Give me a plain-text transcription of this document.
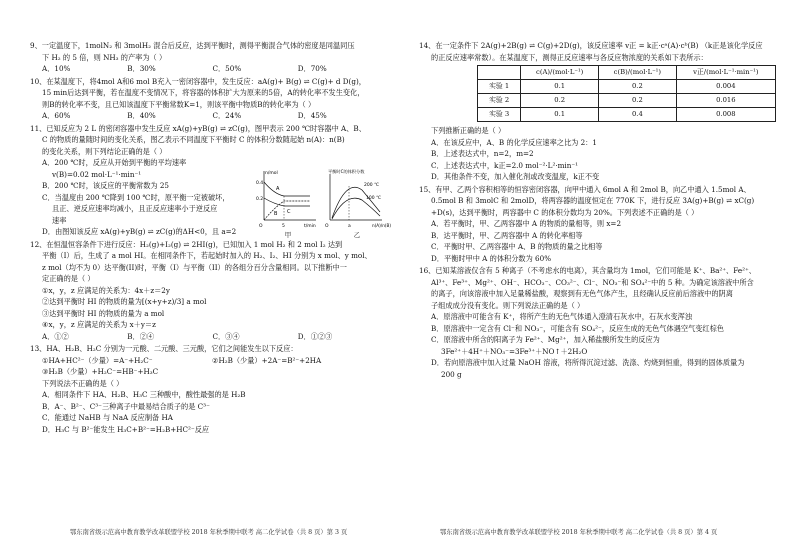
9、一定温度下，1molN₂ 和 3molH₂ 混合后反应，达到平衡时，测得平衡混合气体的密度是同温同压
下 H₂ 的 5 倍，则 NH₃ 的产率为（ ）
A．10%	B．30%	C．50%	D．70%
10、在某温度下，将4mol A和6 mol B充入一密闭容器中，发生反应：aA(g)+ B(g) ⇌ C(g)+ d D(g)，
15 min后达到平衡，若在温度不变情况下，将容器的体积扩大为原来的5倍，A的转化率不发生变化，
则B的转化率不变，且已知该温度下平衡常数K=1，则该平衡中物质B的转化率为（ ）
A．60%	B．40%	C．24%	D．45%
11、已知反应为 2 L 的密闭容器中发生反应 xA(g)+yB(g) ⇌ zC(g)，图甲表示 200 ℃时容器中 A、B、
C 的物质的量随时间的变化关系，图乙表示不同温度下平衡时 C 的体积分数随起始 n(A)：n(B)
的变化关系，则下列结论正确的是（ ）
A．200 ℃时，反应从开始到平衡的平均速率
v(B)=0.02 mol·L⁻¹·min⁻¹
B．200 ℃时，该反应的平衡常数为 25
C．当温度由 200 ℃降到 100 ℃时，原平衡一定被破坏，
且正、逆反应速率均减小，且正反应速率小于逆反应
速率
D．由图知该反应 xA(g)+yB(g) ⇌ zC(g)的ΔH<0，且 a=2
12、在恒温恒容条件下进行反应：H₂(g)+I₂(g) ⇌ 2HI(g)，已知加入 1 mol H₂ 和 2 mol I₂ 达到
平衡（I）后，生成了 a mol HI。在相同条件下，若起始时加入的 H₂、I₂、HI 分别为 x mol、y mol、
z mol（均不为 0）达平衡(II)时，平衡（I）与平衡（II）的各组分百分含量相同。以下推断中一
定正确的是（ ）
①x，y，z 应满足的关系为：4x＋z＝2y
②达到平衡时 HI 的物质的量为[(x+y+z)/3] a mol
③达到平衡时 HI 的物质的量为 a mol
④x，y，z 应满足的关系为 x＋y＝z
A．①②	B．②④	C．③④	D．①②③
13、HA、H₂B、H₂C 分别为一元酸、二元酸、三元酸，它们之间能发生以下反应：
①HA+HC²⁻（少量）=A⁻+H₂C⁻	②H₂B（少量）+2A⁻=B²⁻+2HA
③H₂B（少量）+H₂C⁻=HB⁻+H₃C
下列说法不正确的是（ ）
A．相同条件下 HA、H₂B、H₃C 三种酸中，酸性最强的是 H₂B
B．A⁻、B²⁻、C³⁻三种离子中最易结合质子的是 C³⁻
C．能通过 NaHB 与 NaA 反应制备 HA
D．H₃C 与 B²⁻能发生 H₃C+B²⁻=H₂B+HC²⁻反应
n/mol
t/min
0.4
0.2
5
O
A
B C

平衡时C的体积分数
n(A)/n(B)
200 ℃
100 ℃
O	a
甲	乙
鄂东南省级示范高中教育教学改革联盟学校 2018 年秋季期中联考 高二化学试卷（共 8 页）第 3 页
14、在一定条件下 2A(g)+2B(g) ⇌ C(g)+2D(g)，该反应速率 v正 = k正·cᵃ(A)·cᵇ(B) （k正是该化学反应
的正反应速率常数）。在某温度下，测得正反应速率与各反应物浓度的关系如下表所示：
	c(A)/(mol·L⁻¹)	c(B)/(mol·L⁻¹)	v正/(mol·L⁻¹·min⁻¹)
实验 1	0.1	0.2	0.004
实验 2	0.2	0.2	0.016
实验 3	0.1	0.4	0.008
下列推断正确的是（ ）
A．在该反应中，A、B 的化学反应速率之比为 2：1
B．上述表达式中，n=2，m=2
C．上述表达式中，k正=2.0 mol⁻²·L²·min⁻¹
D．其他条件不变，加入催化剂或改变温度，k正不变
15、有甲、乙两个容积相等的恒容密闭容器，向甲中通入 6mol A 和 2mol B，向乙中通入 1.5mol A、
0.5mol B 和 3molC 和 2molD，将两容器的温度恒定在 770K 下，进行反应 3A(g)+B(g) ⇌ xC(g)
+D(s)，达到平衡时，两容器中 C 的体积分数均为 20%。下列表述不正确的是（ ）
A．若平衡时，甲、乙两容器中 A 的物质的量相等，则 x=2
B．达平衡时，甲、乙两容器中 A 的转化率相等
C．平衡时甲、乙两容器中 A、B 的物质的量之比相等
D．平衡时甲中 A 的体积分数为 60%
16、已知某溶液仅含有 5 种离子（不考虑水的电离），其含量均为 1mol，它们可能是 K⁺、Ba²⁺、Fe²⁺、
Al³⁺、Fe³⁺、Mg²⁺、OH⁻、HCO₃⁻、CO₃²⁻、Cl⁻、NO₃⁻和 SO₄²⁻中的 5 种。为确定该溶液中所含
的离子，向该溶液中加入足量稀盐酸，观察到有无色气体产生，且经确认反应前后溶液中的阴离
子组成成分没有变化。则下列说法正确的是（ ）
A．原溶液中可能含有 K⁺，将所产生的无色气体通入澄清石灰水中，石灰水变浑浊
B．原溶液中一定含有 Cl⁻和 NO₃⁻，可能含有 SO₄²⁻，反应生成的无色气体遇空气变红棕色
C．原溶液中所含的阳离子为 Fe²⁺、Mg²⁺，加入稀盐酸所发生的反应为
3Fe²⁺＋4H⁺＋NO₃⁻=3Fe³⁺＋NO↑＋2H₂O
D．若向原溶液中加入过量 NaOH 溶液，将所得沉淀过滤、洗涤、灼烧到恒重，得到的固体质量为
200 g
鄂东南省级示范高中教育教学改革联盟学校 2018 年秋季期中联考 高二化学试卷（共 8 页）第 4 页
